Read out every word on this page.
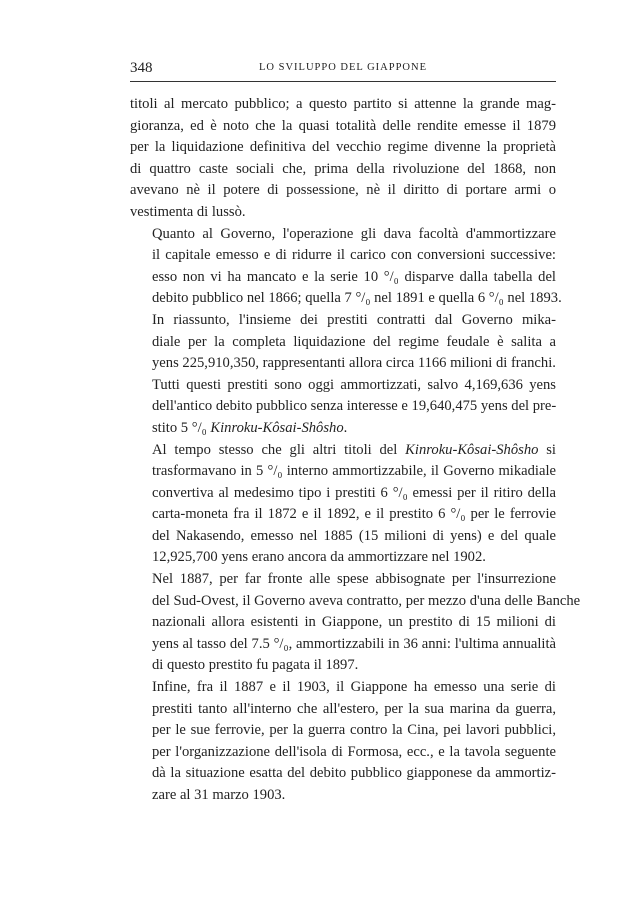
348	LO SVILUPPO DEL GIAPPONE

titoli al mercato pubblico; a questo partito si attenne la grande mag-
gioranza, ed è noto che la quasi totalità delle rendite emesse il 1879
per la liquidazione definitiva del vecchio regime divenne la proprietà
di quattro caste sociali che, prima della rivoluzione del 1868, non
avevano nè il potere di possessione, nè il diritto di portare armi o
vestimenta di lussò.

Quanto al Governo, l'operazione gli dava facoltà d'ammortizzare
il capitale emesso e di ridurre il carico con conversioni successive:
esso non vi ha mancato e la serie 10 °/₀ disparve dalla tabella del
debito pubblico nel 1866; quella 7 °/₀ nel 1891 e quella 6 °/₀ nel 1893.

In riassunto, l'insieme dei prestiti contratti dal Governo mika-
diale per la completa liquidazione del regime feudale è salita a
yens 225,910,350, rappresentanti allora circa 1166 milioni di franchi.

Tutti questi prestiti sono oggi ammortizzati, salvo 4,169,636 yens
dell'antico debito pubblico senza interesse e 19,640,475 yens del pre-
stito 5 °/₀ Kinroku-Kôsai-Shôsho.

Al tempo stesso che gli altri titoli del Kinroku-Kôsai-Shôsho si
trasformavano in 5 °/₀ interno ammortizzabile, il Governo mikadiale
convertiva al medesimo tipo i prestiti 6 °/₀ emessi per il ritiro della
carta-moneta fra il 1872 e il 1892, e il prestito 6 °/₀ per le ferrovie
del Nakasendo, emesso nel 1885 (15 milioni di yens) e del quale
12,925,700 yens erano ancora da ammortizzare nel 1902.

Nel 1887, per far fronte alle spese abbisognate per l'insurrezione
del Sud-Ovest, il Governo aveva contratto, per mezzo d'una delle Banche
nazionali allora esistenti in Giappone, un prestito di 15 milioni di
yens al tasso del 7.5 °/₀, ammortizzabili in 36 anni: l'ultima annualità
di questo prestito fu pagata il 1897.

Infine, fra il 1887 e il 1903, il Giappone ha emesso una serie di
prestiti tanto all'interno che all'estero, per la sua marina da guerra,
per le sue ferrovie, per la guerra contro la Cina, pei lavori pubblici,
per l'organizzazione dell'isola di Formosa, ecc., e la tavola seguente
dà la situazione esatta del debito pubblico giapponese da ammortiz-
zare al 31 marzo 1903.
